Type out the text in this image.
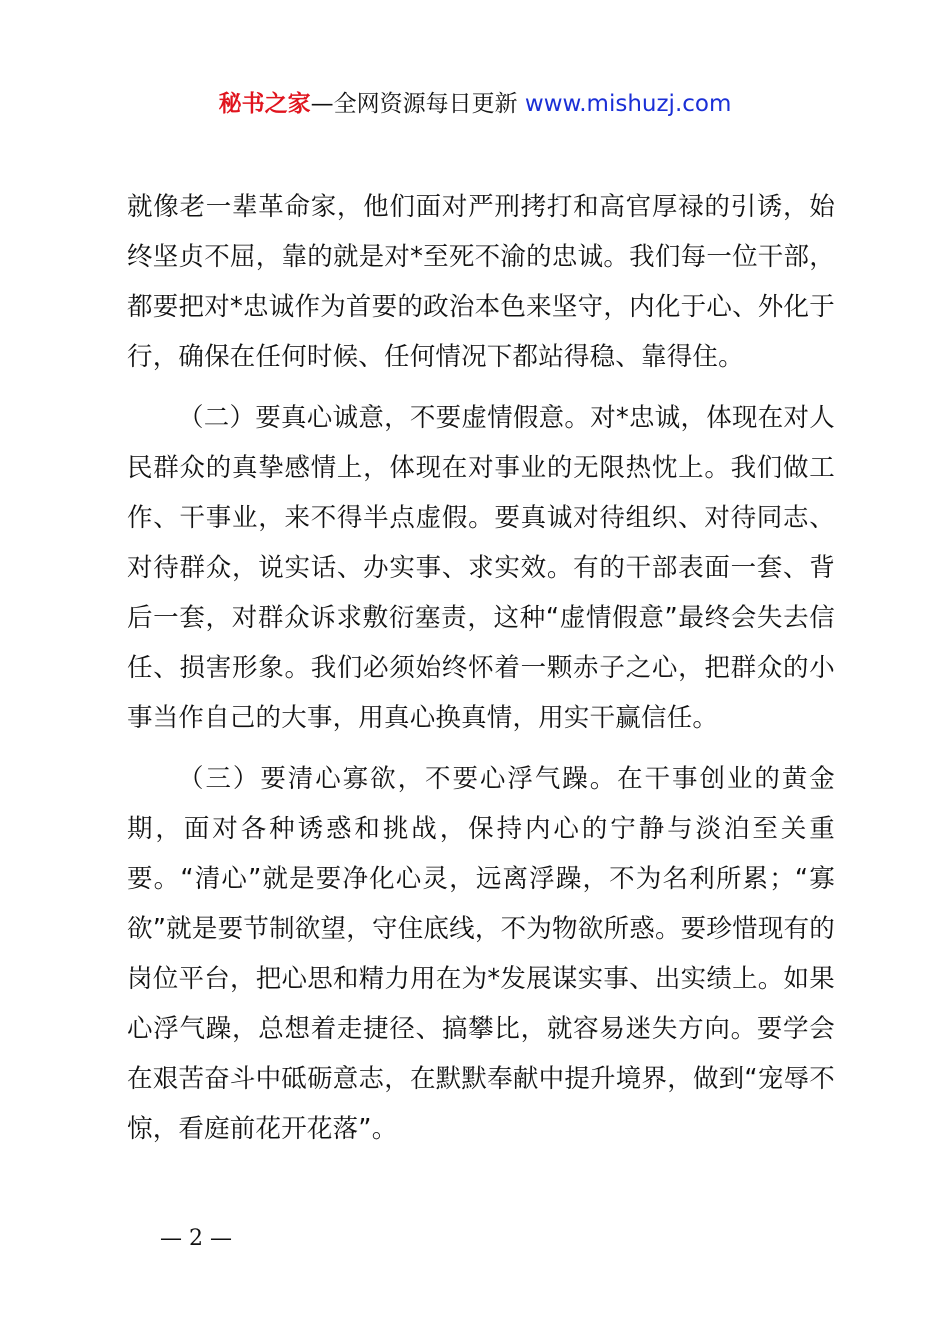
秘书之家—全网资源每日更新 www.mishuzj.com

就像老一辈革命家，他们面对严刑拷打和高官厚禄的引诱，始终坚贞不屈，靠的就是对*至死不渝的忠诚。我们每一位干部，都要把对*忠诚作为首要的政治本色来坚守，内化于心、外化于行，确保在任何时候、任何情况下都站得稳、靠得住。

（二）要真心诚意，不要虚情假意。对*忠诚，体现在对人民群众的真挚感情上，体现在对事业的无限热忱上。我们做工作、干事业，来不得半点虚假。要真诚对待组织、对待同志、对待群众，说实话、办实事、求实效。有的干部表面一套、背后一套，对群众诉求敷衍塞责，这种“虚情假意”最终会失去信任、损害形象。我们必须始终怀着一颗赤子之心，把群众的小事当作自己的大事，用真心换真情，用实干赢信任。

（三）要清心寡欲，不要心浮气躁。在干事创业的黄金期，面对各种诱惑和挑战，保持内心的宁静与淡泊至关重要。“清心”就是要净化心灵，远离浮躁，不为名利所累；“寡欲”就是要节制欲望，守住底线，不为物欲所惑。要珍惜现有的岗位平台，把心思和精力用在为*发展谋实事、出实绩上。如果心浮气躁，总想着走捷径、搞攀比，就容易迷失方向。要学会在艰苦奋斗中砥砺意志，在默默奉献中提升境界，做到“宠辱不惊，看庭前花开花落”。

— 2 —
